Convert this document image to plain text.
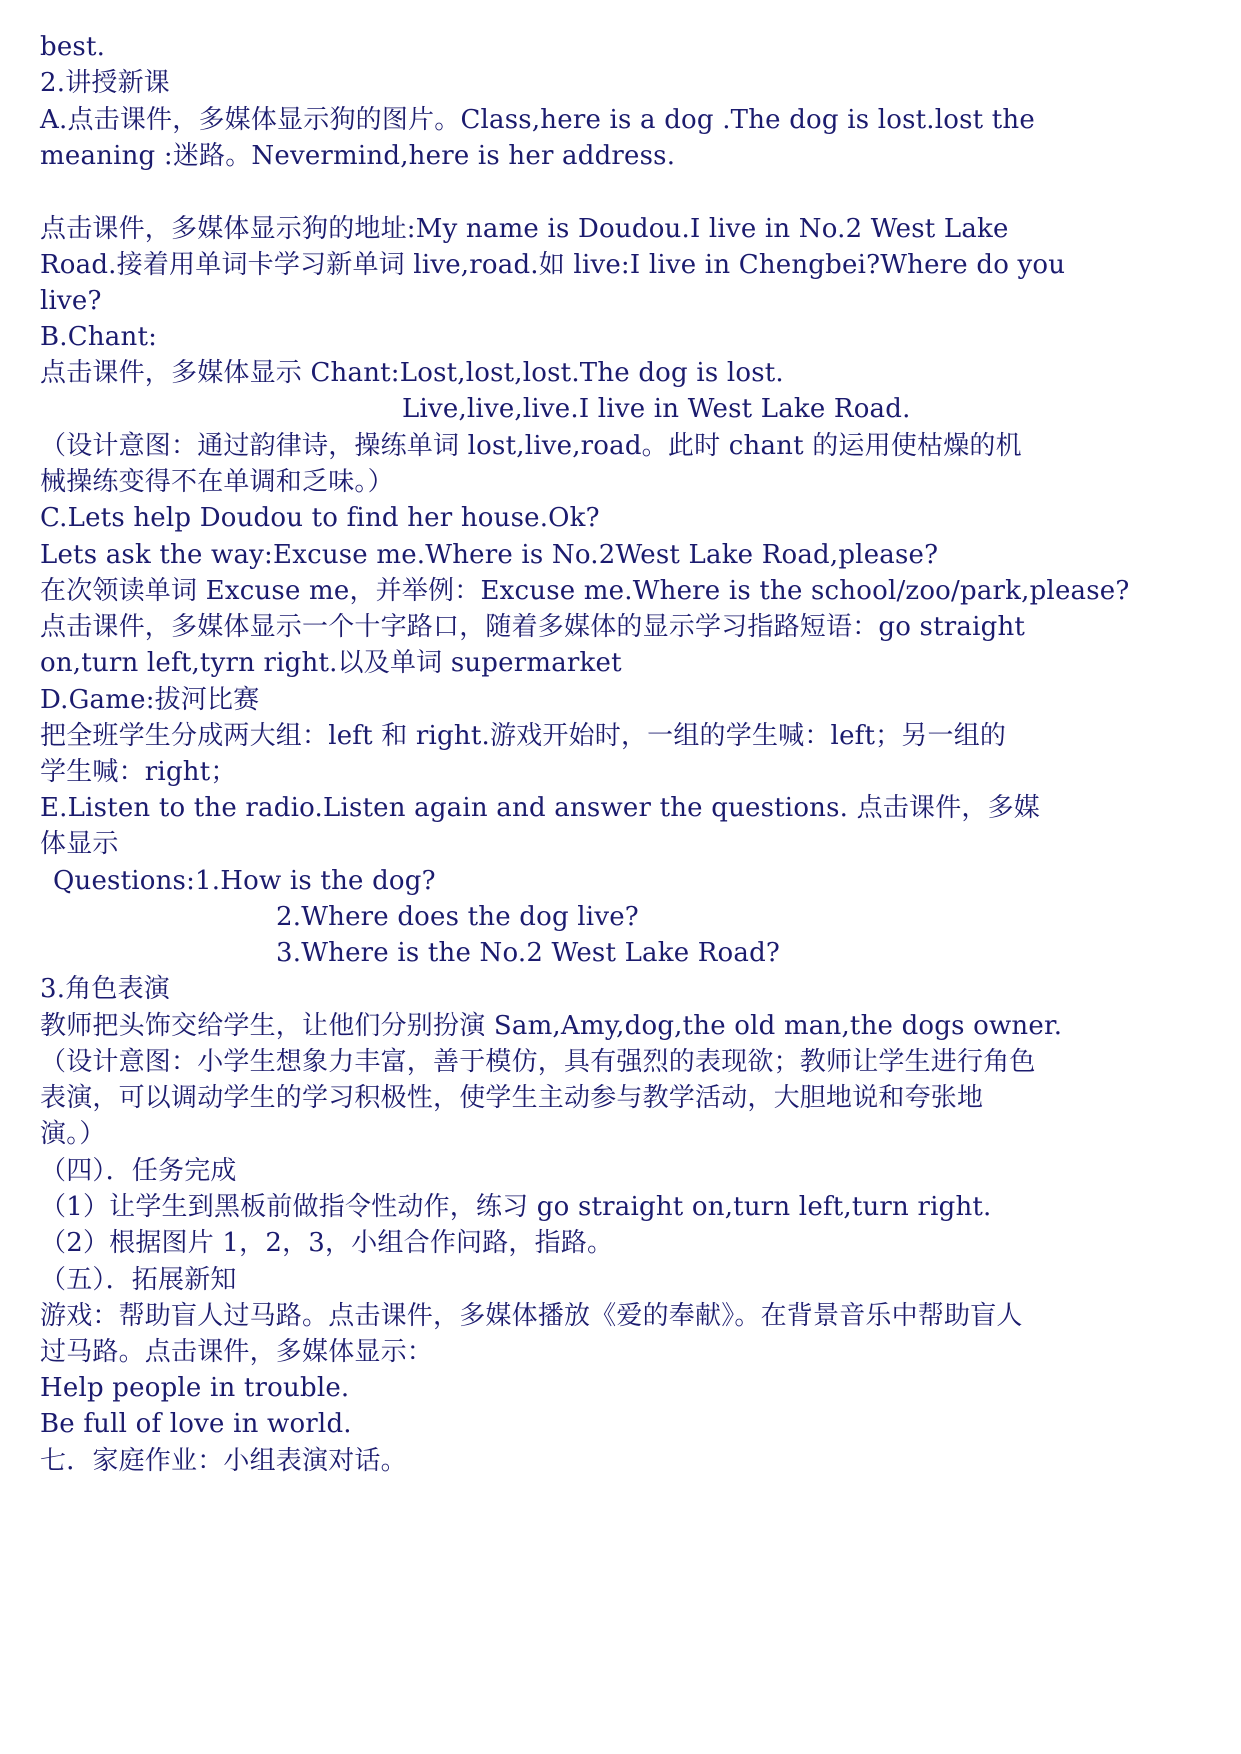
best.

2.讲授新课

A.点击课件，多媒体显示狗的图片。Class,here is a dog .The dog is lost.lost the

meaning :迷路。Nevermind,here is her address.

点击课件，多媒体显示狗的地址:My name is Doudou.I live in No.2 West Lake

Road.接着用单词卡学习新单词 live,road.如 live:I live in Chengbei?Where do you

live?

B.Chant:

点击课件，多媒体显示 Chant:Lost,lost,lost.The dog is lost.

Live,live,live.I live in West Lake Road.

（设计意图：通过韵律诗，操练单词 lost,live,road。此时 chant 的运用使枯燥的机

械操练变得不在单调和乏味。）

C.Lets help Doudou to find her house.Ok?

Lets ask the way:Excuse me.Where is No.2West Lake Road,please?

在次领读单词 Excuse me，并举例：Excuse me.Where is the school/zoo/park,please?

点击课件，多媒体显示一个十字路口，随着多媒体的显示学习指路短语：go straight

on,turn left,tyrn right.以及单词 supermarket

D.Game:拔河比赛

把全班学生分成两大组：left 和 right.游戏开始时，一组的学生喊：left；另一组的

学生喊：right；

E.Listen to the radio.Listen again and answer the questions. 点击课件，多媒

体显示

Questions:1.How is the dog?

2.Where does the dog live?

3.Where is the No.2 West Lake Road?

3.角色表演

教师把头饰交给学生，让他们分别扮演 Sam,Amy,dog,the old man,the dogs owner.

（设计意图：小学生想象力丰富，善于模仿，具有强烈的表现欲；教师让学生进行角色

表演，可以调动学生的学习积极性，使学生主动参与教学活动，大胆地说和夸张地

演。）

（四）．任务完成

（1）让学生到黑板前做指令性动作，练习 go straight on,turn left,turn right.

（2）根据图片 1，2，3，小组合作问路，指路。

（五）．拓展新知

游戏：帮助盲人过马路。点击课件，多媒体播放《爱的奉献》。在背景音乐中帮助盲人

过马路。点击课件，多媒体显示：

Help people in trouble.

Be full of love in world.

七．家庭作业：小组表演对话。
